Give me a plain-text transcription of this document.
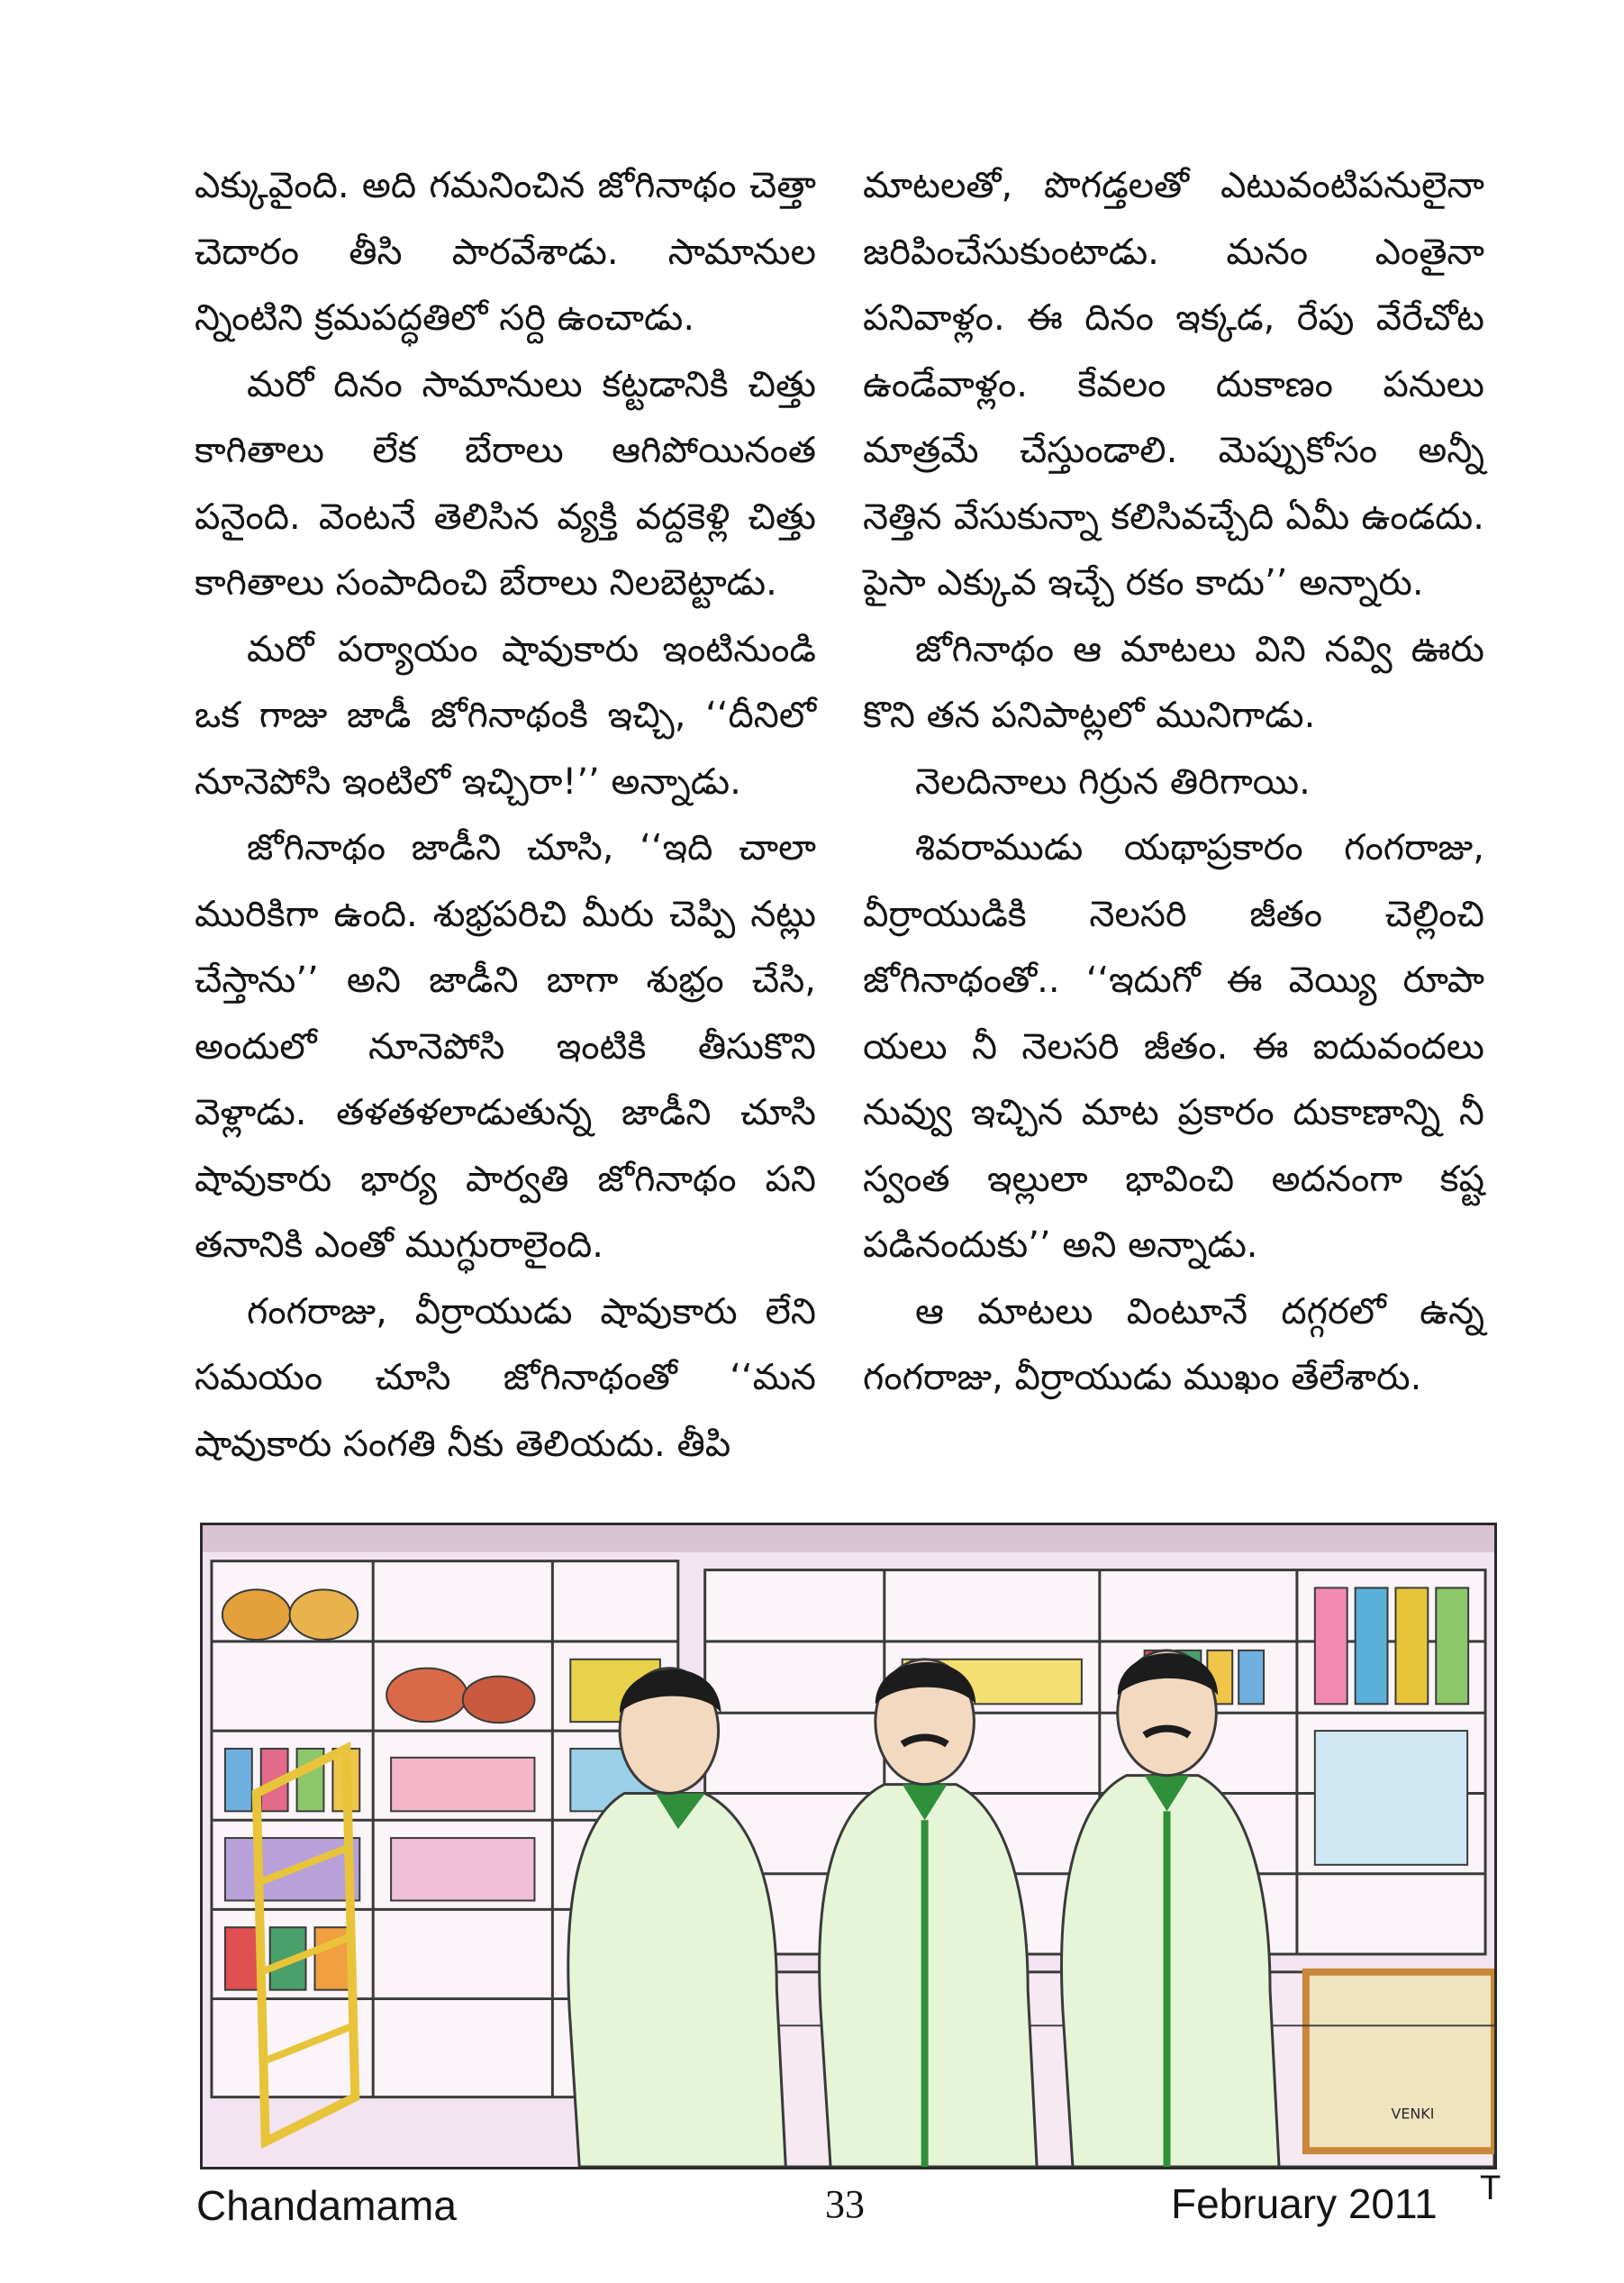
ఎక్కువైంది. అది గమనించిన జోగినాథం చెత్తా చెదారం తీసి పారవేశాడు. సామానుల న్నింటిని క్రమపద్ధతిలో సర్ది ఉంచాడు.

మరో దినం సామానులు కట్టడానికి చిత్తు కాగితాలు లేక బేరాలు ఆగిపోయినంత పనైంది. వెంటనే తెలిసిన వ్యక్తి వద్దకెళ్లి చిత్తు కాగితాలు సంపాదించి బేరాలు నిలబెట్టాడు.

మరో పర్యాయం షావుకారు ఇంటినుండి ఒక గాజు జాడీ జోగినాథంకి ఇచ్చి, ‘‘దీనిలో నూనెపోసి ఇంటిలో ఇచ్చిరా!’’ అన్నాడు.

జోగినాథం జాడీని చూసి, ‘‘ఇది చాలా మురికిగా ఉంది. శుభ్రపరిచి మీరు చెప్పి నట్లు చేస్తాను’’ అని జాడీని బాగా శుభ్రం చేసి, అందులో నూనెపోసి ఇంటికి తీసుకొని వెళ్లాడు. తళతళలాడుతున్న జాడీని చూసి షావుకారు భార్య పార్వతి జోగినాథం పని తనానికి ఎంతో ముగ్ధురాలైంది.

గంగరాజు, వీర్రాయుడు షావుకారు లేని సమయం చూసి జోగినాథంతో ‘‘మన షావుకారు సంగతి నీకు తెలియదు. తీపి

మాటలతో, పొగడ్తలతో ఎటువంటిపనులైనా జరిపించేసుకుంటాడు. మనం ఎంతైనా పనివాళ్లం. ఈ దినం ఇక్కడ, రేపు వేరేచోట ఉండేవాళ్లం. కేవలం దుకాణం పనులు మాత్రమే చేస్తుండాలి. మెప్పుకోసం అన్నీ నెత్తిన వేసుకున్నా కలిసివచ్చేది ఏమీ ఉండదు. పైసా ఎక్కువ ఇచ్చే రకం కాదు’’ అన్నారు.

జోగినాథం ఆ మాటలు విని నవ్వి ఊరు కొని తన పనిపాట్లలో మునిగాడు.

నెలదినాలు గిర్రున తిరిగాయి.

శివరాముడు యథాప్రకారం గంగరాజు, వీర్రాయుడికి నెలసరి జీతం చెల్లించి జోగినాథంతో.. ‘‘ఇదుగో ఈ వెయ్యి రూపా యలు నీ నెలసరి జీతం. ఈ ఐదువందలు నువ్వు ఇచ్చిన మాట ప్రకారం దుకాణాన్ని నీ స్వంత ఇల్లులా భావించి అదనంగా కష్ట పడినందుకు’’ అని అన్నాడు.

ఆ మాటలు వింటూనే దగ్గరలో ఉన్న గంగరాజు, వీర్రాయుడు ముఖం తేలేశారు.

VENKI
Chandamama	33	February 2011 T
